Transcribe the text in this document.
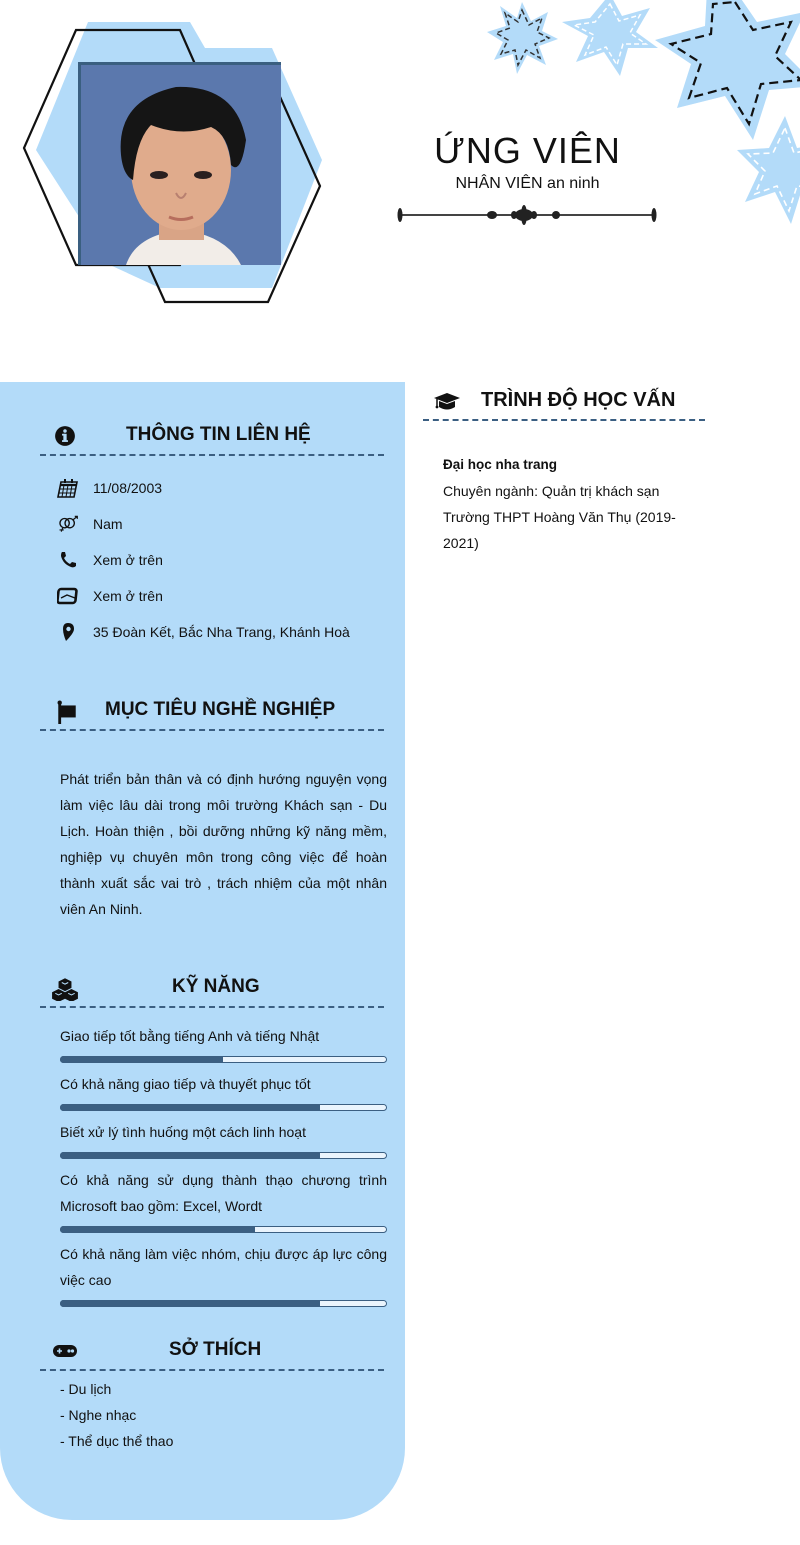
ỨNG VIÊN
NHÂN VIÊN an ninh
THÔNG TIN LIÊN HỆ
11/08/2003
Nam
Xem ở trên
Xem ở trên
35 Đoàn Kết, Bắc Nha Trang, Khánh Hoà
MỤC TIÊU NGHỀ NGHIỆP
Phát triển bản thân và có định hướng nguyện vọng làm việc lâu dài trong môi trường Khách sạn - Du Lịch. Hoàn thiện , bồi dưỡng những kỹ năng mềm, nghiệp vụ chuyên môn trong công việc để hoàn thành xuất sắc vai trò , trách nhiệm của một nhân viên An Ninh.
KỸ NĂNG
Giao tiếp tốt bằng tiếng Anh và tiếng Nhật
Có khả năng giao tiếp và thuyết phục tốt
Biết xử lý tình huống một cách linh hoạt
Có khả năng sử dụng thành thạo chương trình Microsoft bao gồm: Excel, Wordt
Có khả năng làm việc nhóm, chịu được áp lực công việc cao
SỞ THÍCH
- Du lịch
- Nghe nhạc
- Thể dục thể thao
TRÌNH ĐỘ HỌC VẤN
Đại học nha trang
Chuyên ngành: Quản trị khách sạn
Trường THPT Hoàng Văn Thụ (2019-2021)
